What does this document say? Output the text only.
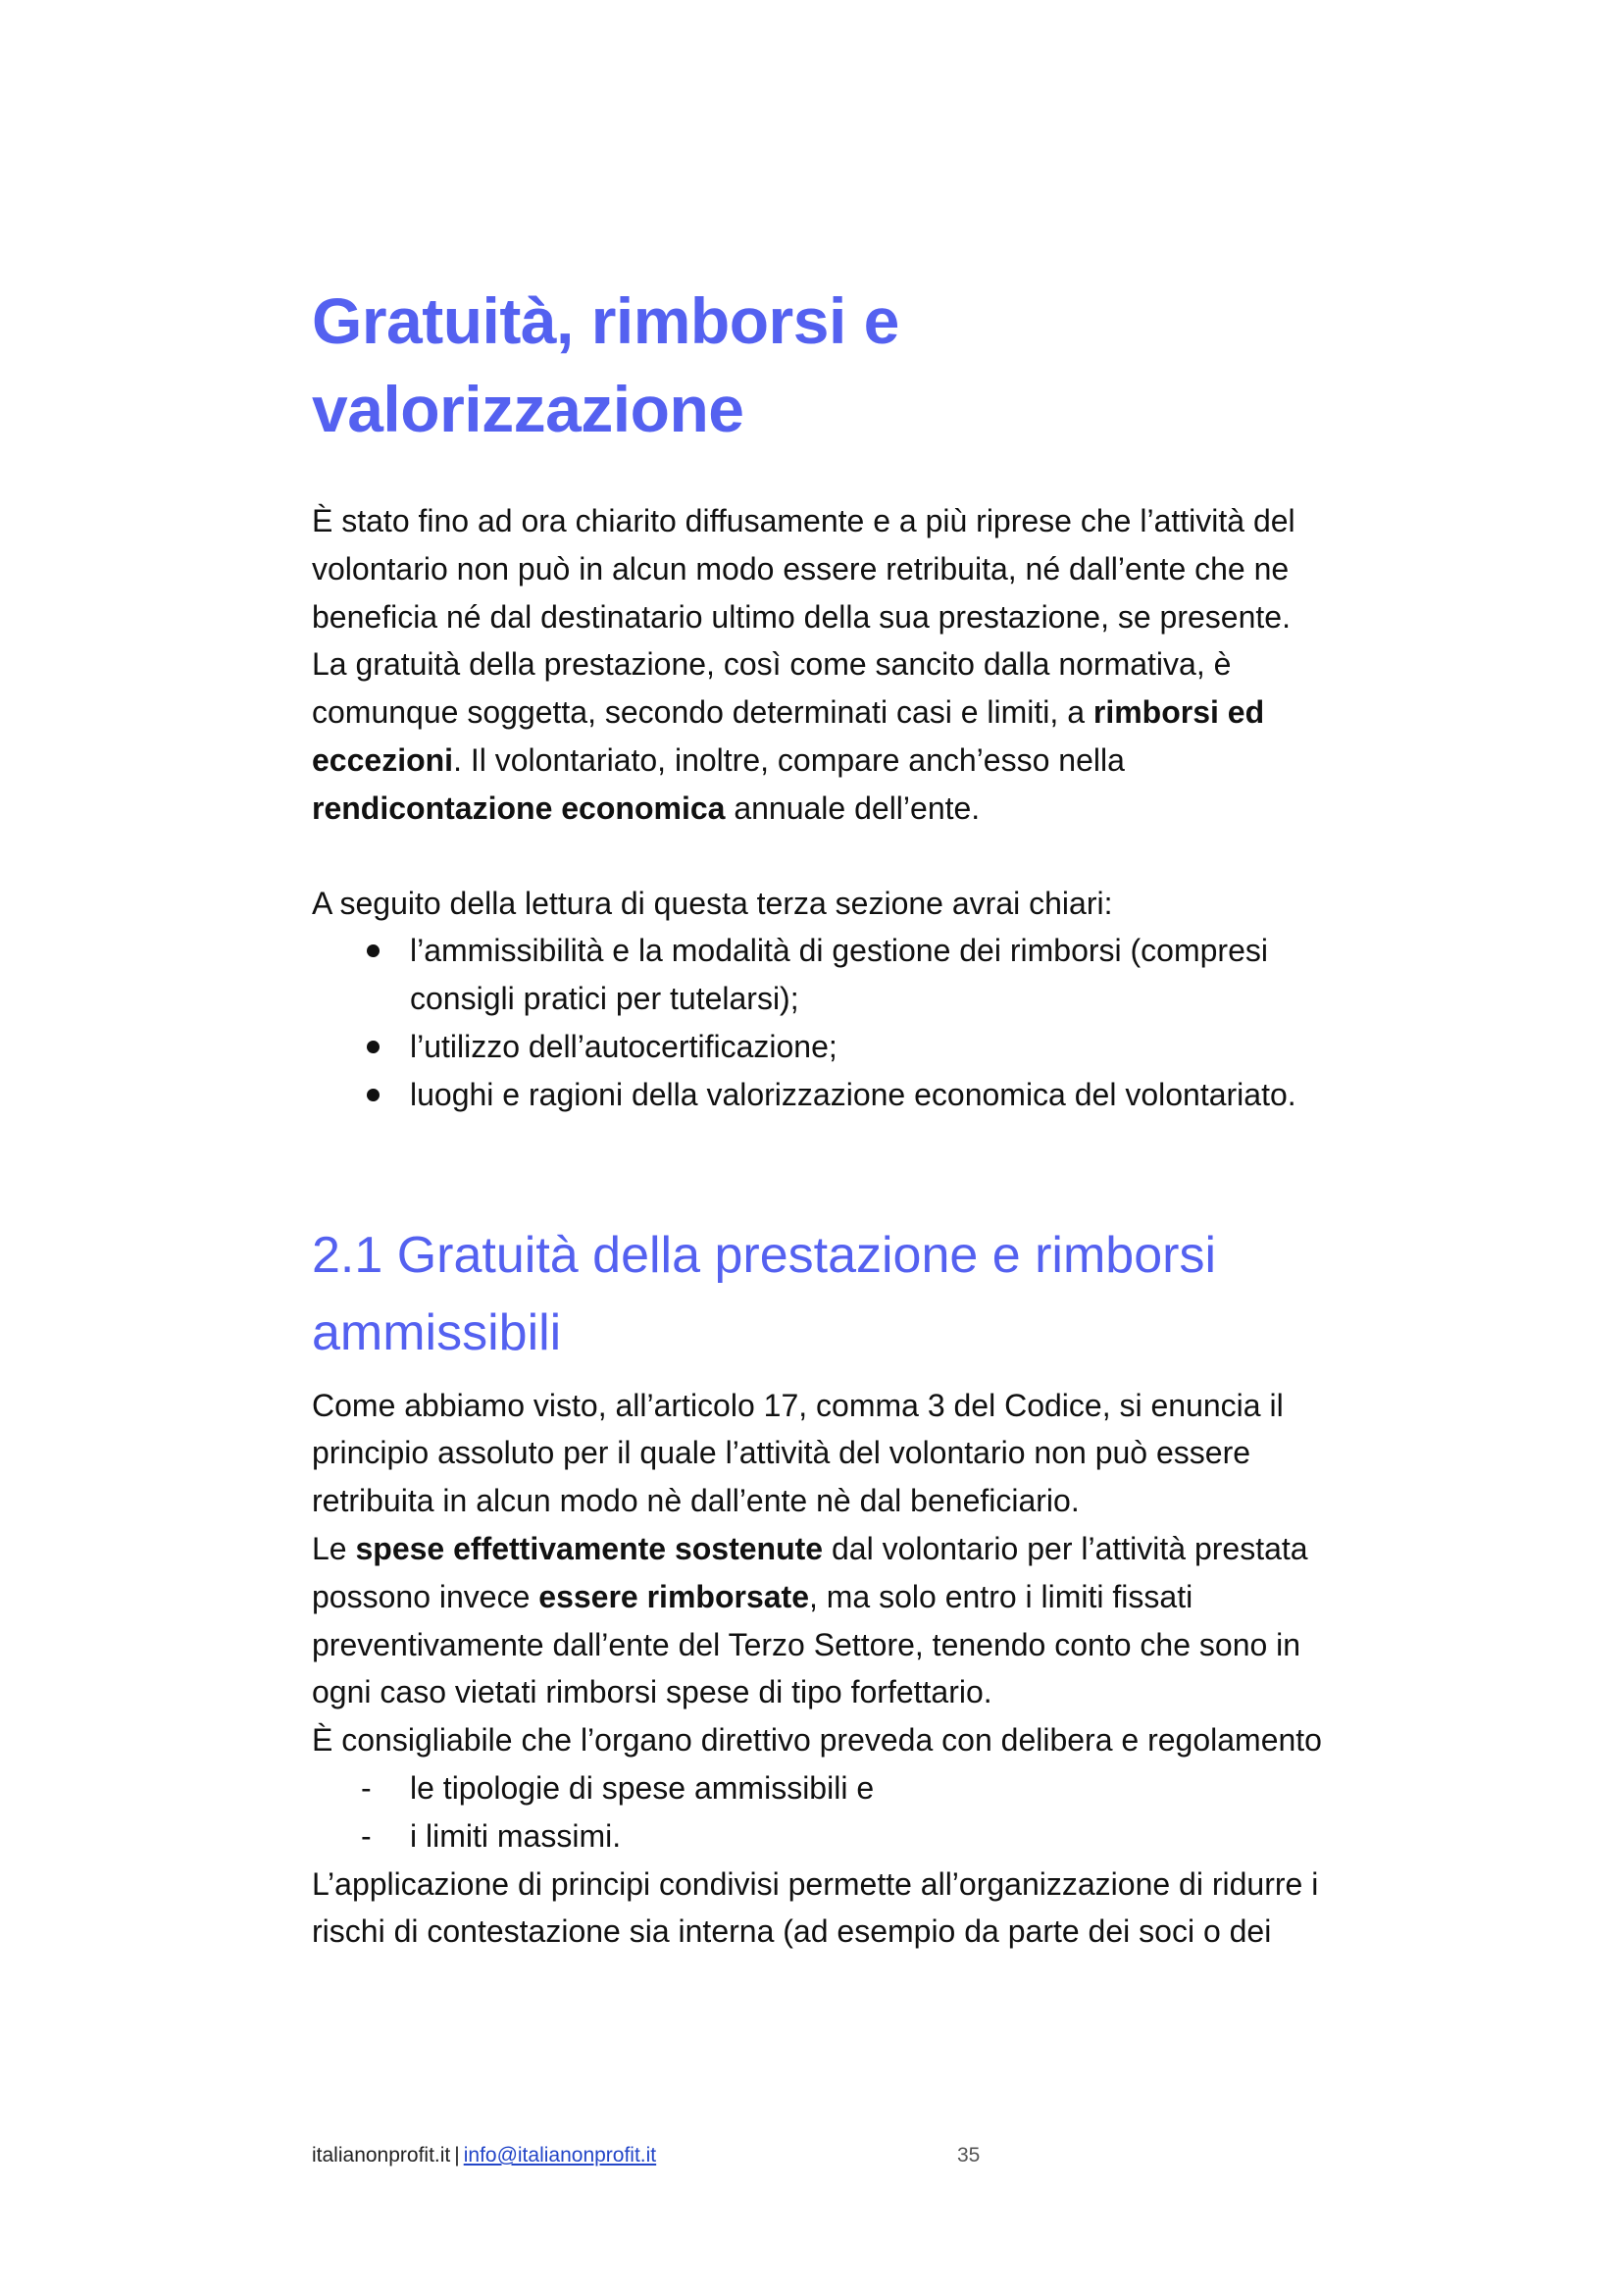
Gratuità, rimborsi e
valorizzazione

È stato fino ad ora chiarito diffusamente e a più riprese che l’attività del volontario non può in alcun modo essere retribuita, né dall’ente che ne beneficia né dal destinatario ultimo della sua prestazione, se presente. La gratuità della prestazione, così come sancito dalla normativa, è comunque soggetta, secondo determinati casi e limiti, a rimborsi ed eccezioni. Il volontariato, inoltre, compare anch’esso nella rendicontazione economica annuale dell’ente.

A seguito della lettura di questa terza sezione avrai chiari:

l’ammissibilità e la modalità di gestione dei rimborsi (compresi consigli pratici per tutelarsi);
l’utilizzo dell’autocertificazione;
luoghi e ragioni della valorizzazione economica del volontariato.
2.1 Gratuità della prestazione e rimborsi
ammissibili

Come abbiamo visto, all’articolo 17, comma 3 del Codice, si enuncia il principio assoluto per il quale l’attività del volontario non può essere retribuita in alcun modo nè dall’ente nè dal beneficiario.

Le spese effettivamente sostenute dal volontario per l’attività prestata possono invece essere rimborsate, ma solo entro i limiti fissati preventivamente dall’ente del Terzo Settore, tenendo conto che sono in ogni caso vietati rimborsi spese di tipo forfettario.

È consigliabile che l’organo direttivo preveda con delibera e regolamento

-	le tipologie di spese ammissibili e
-	i limiti massimi.

L’applicazione di principi condivisi permette all’organizzazione di ridurre i rischi di contestazione sia interna (ad esempio da parte dei soci o dei

italianonprofit.it | info@italianonprofit.it	35
